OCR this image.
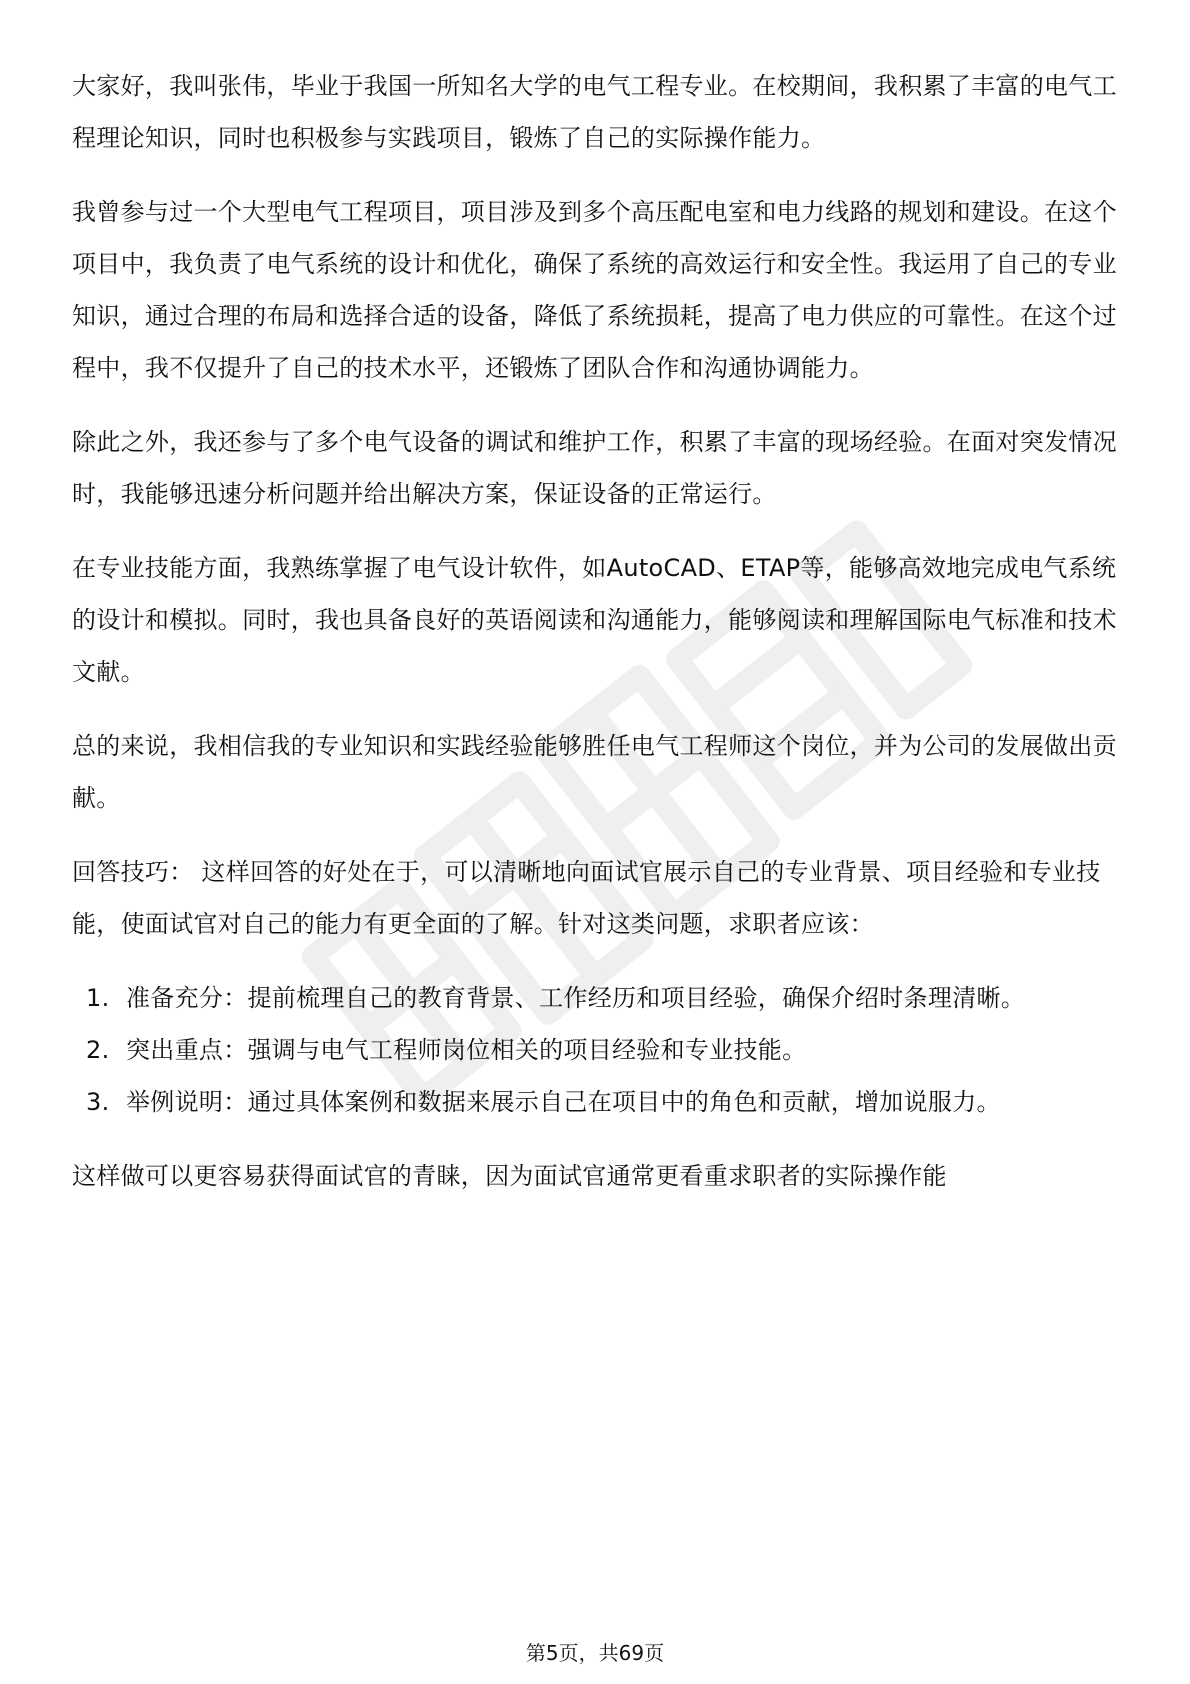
大家好，我叫张伟，毕业于我国一所知名大学的电气工程专业。在校期间，我积累了丰富的电气工程理论知识，同时也积极参与实践项目，锻炼了自己的实际操作能力。

我曾参与过一个大型电气工程项目，项目涉及到多个高压配电室和电力线路的规划和建设。在这个项目中，我负责了电气系统的设计和优化，确保了系统的高效运行和安全性。我运用了自己的专业知识，通过合理的布局和选择合适的设备，降低了系统损耗，提高了电力供应的可靠性。在这个过程中，我不仅提升了自己的技术水平，还锻炼了团队合作和沟通协调能力。

除此之外，我还参与了多个电气设备的调试和维护工作，积累了丰富的现场经验。在面对突发情况时，我能够迅速分析问题并给出解决方案，保证设备的正常运行。

在专业技能方面，我熟练掌握了电气设计软件，如AutoCAD、ETAP等，能够高效地完成电气系统的设计和模拟。同时，我也具备良好的英语阅读和沟通能力，能够阅读和理解国际电气标准和技术文献。

总的来说，我相信我的专业知识和实践经验能够胜任电气工程师这个岗位，并为公司的发展做出贡献。

回答技巧： 这样回答的好处在于，可以清晰地向面试官展示自己的专业背景、项目经验和专业技能，使面试官对自己的能力有更全面的了解。针对这类问题，求职者应该：

1. 准备充分：提前梳理自己的教育背景、工作经历和项目经验，确保介绍时条理清晰。
2. 突出重点：强调与电气工程师岗位相关的项目经验和专业技能。
3. 举例说明：通过具体案例和数据来展示自己在项目中的角色和贡献，增加说服力。

这样做可以更容易获得面试官的青睐，因为面试官通常更看重求职者的实际操作能

第5页，共69页
